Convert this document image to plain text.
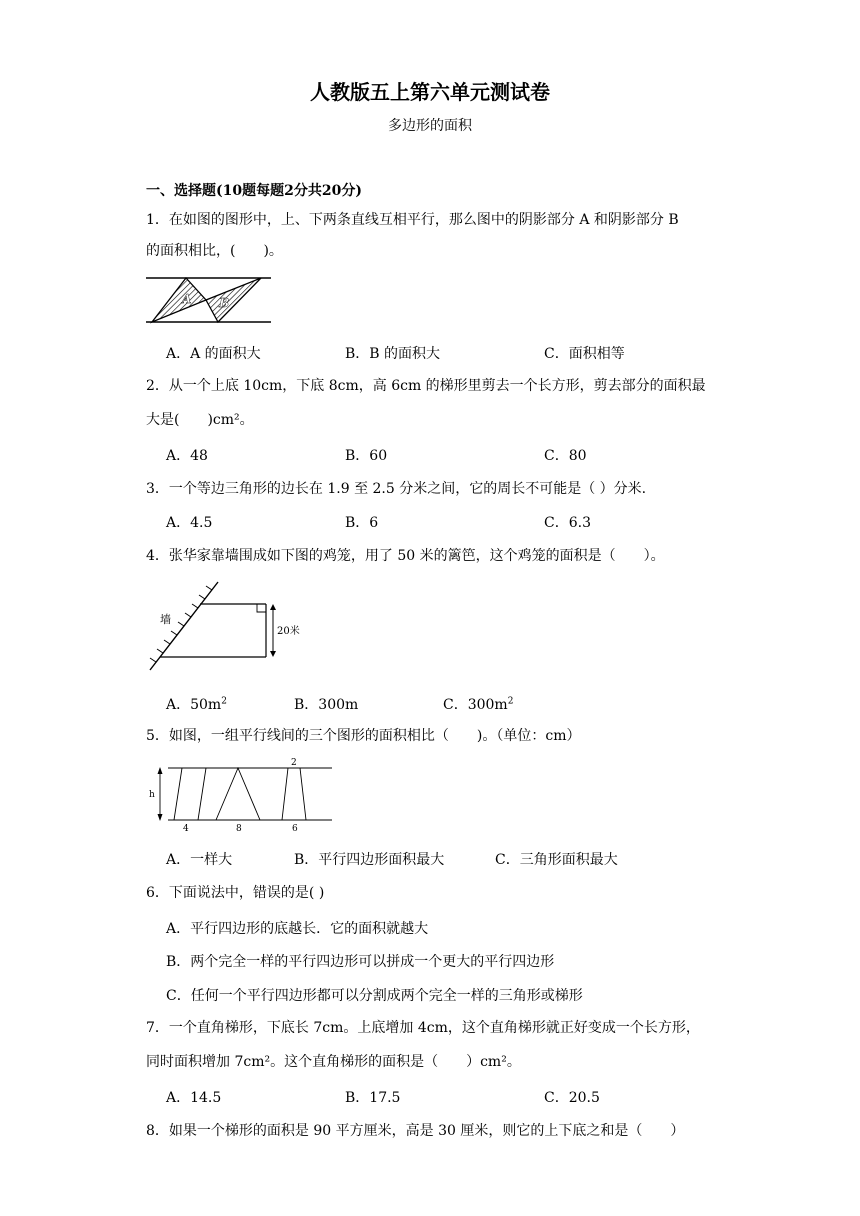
人教版五上第六单元测试卷
多边形的面积
一、选择题(10题每题2分共20分)
1．在如图的图形中，上、下两条直线互相平行，那么图中的阴影部分 A 和阴影部分 B
的面积相比，(　　)。
A B
A．A 的面积大	B．B 的面积大	C．面积相等
2．从一个上底 10cm，下底 8cm，高 6cm 的梯形里剪去一个长方形，剪去部分的面积最
大是(　　)cm²。
A．48	B．60	C．80
3．一个等边三角形的边长在 1.9 至 2.5 分米之间，它的周长不可能是（ ）分米.
A．4.5	B．6	C．6.3
4．张华家靠墙围成如下图的鸡笼，用了 50 米的篱笆，这个鸡笼的面积是（　　）。
墙
20米
A．$50m^2$	B．300m	C．$300m^2$
5．如图，一组平行线间的三个图形的面积相比（　　)。（单位：cm）
h
2
4	8	6
A．一样大	B．平行四边形面积最大	C．三角形面积最大
6．下面说法中，错误的是( )
A．平行四边形的底越长．它的面积就越大
B．两个完全一样的平行四边形可以拼成一个更大的平行四边形
C．任何一个平行四边形都可以分割成两个完全一样的三角形或梯形
7．一个直角梯形，下底长 7cm。上底增加 4cm，这个直角梯形就正好变成一个长方形，
同时面积增加 7cm²。这个直角梯形的面积是（　　）cm²。
A．14.5	B．17.5	C．20.5
8．如果一个梯形的面积是 90 平方厘米，高是 30 厘米，则它的上下底之和是（　　）
